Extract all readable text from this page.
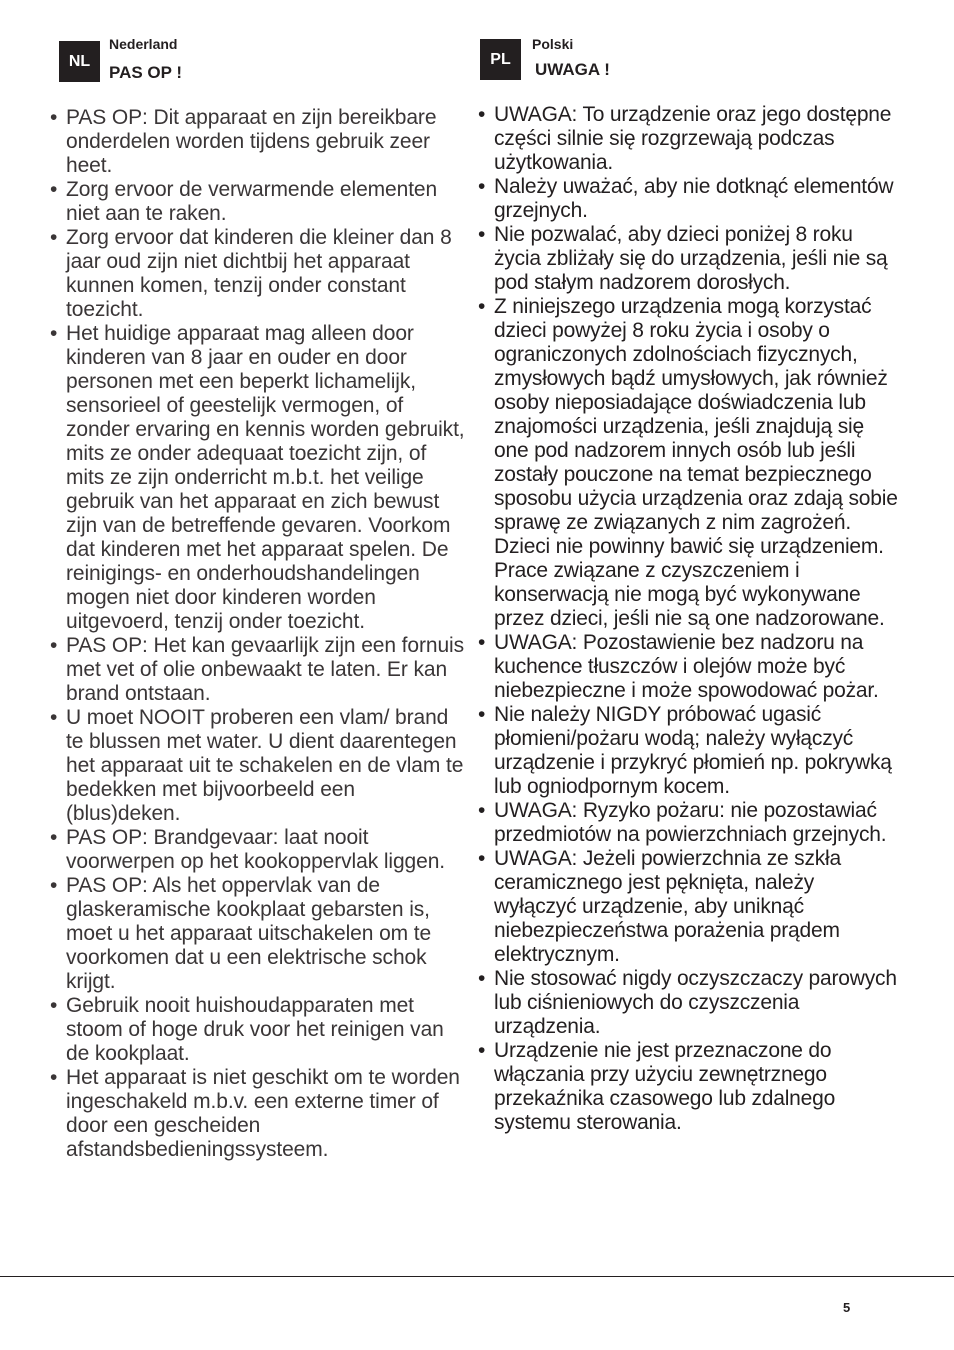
NL
Nederland
PAS OP !
• PAS OP: Dit apparaat en zijn bereikbare onderdelen worden tijdens gebruik zeer heet.
• Zorg ervoor de verwarmende elementen niet aan te raken.
• Zorg ervoor dat kinderen die kleiner dan 8 jaar oud zijn niet dichtbij het apparaat kunnen komen, tenzij onder constant toezicht.
• Het huidige apparaat mag alleen door kinderen van 8 jaar en ouder en door personen met een beperkt lichamelijk, sensorieel of geestelijk vermogen, of zonder ervaring en kennis worden gebruikt, mits ze onder adequaat toezicht zijn, of mits ze zijn onderricht m.b.t. het veilige gebruik van het apparaat en zich bewust zijn van de betreffende gevaren. Voorkom dat kinderen met het apparaat spelen. De reinigings- en onderhoudshandelingen mogen niet door kinderen worden uitgevoerd, tenzij onder toezicht.
• PAS OP: Het kan gevaarlijk zijn een fornuis met vet of olie onbewaakt te laten. Er kan brand ontstaan.
• U moet NOOIT proberen een vlam/ brand te blussen met water. U dient daarentegen het apparaat uit te schakelen en de vlam te bedekken met bijvoorbeeld een (blus)deken.
• PAS OP: Brandgevaar: laat nooit voorwerpen op het kookoppervlak liggen.
• PAS OP: Als het oppervlak van de glaskeramische kookplaat gebarsten is, moet u het apparaat uitschakelen om te voorkomen dat u een elektrische schok krijgt.
• Gebruik nooit huishoudapparaten met stoom of hoge druk voor het reinigen van de kookplaat.
• Het apparaat is niet geschikt om te worden ingeschakeld m.b.v. een externe timer of door een gescheiden afstandsbedieningssysteem.
PL
Polski
UWAGA !
• UWAGA: To urządzenie oraz jego dostępne części silnie się rozgrzewają podczas użytkowania.
• Należy uważać, aby nie dotknąć elementów grzejnych.
• Nie pozwalać, aby dzieci poniżej 8 roku życia zbliżały się do urządzenia, jeśli nie są pod stałym nadzorem dorosłych.
• Z niniejszego urządzenia mogą korzystać dzieci powyżej 8 roku życia i osoby o ograniczonych zdolnościach fizycznych, zmysłowych bądź umysłowych, jak również osoby nieposiadające doświadczenia lub znajomości urządzenia, jeśli znajdują się one pod nadzorem innych osób lub jeśli zostały pouczone na temat bezpiecznego sposobu użycia urządzenia oraz zdają sobie sprawę ze związanych z nim zagrożeń. Dzieci nie powinny bawić się urządzeniem. Prace związane z czyszczeniem i konserwacją nie mogą być wykonywane przez dzieci, jeśli nie są one nadzorowane.
• UWAGA: Pozostawienie bez nadzoru na kuchence tłuszczów i olejów może być niebezpieczne i może spowodować pożar.
• Nie należy NIGDY próbować ugasić płomieni/pożaru wodą; należy wyłączyć urządzenie i przykryć płomień np. pokrywką lub ogniodpornym kocem.
• UWAGA: Ryzyko pożaru: nie pozostawiać przedmiotów na powierzchniach grzejnych.
• UWAGA: Jeżeli powierzchnia ze szkła ceramicznego jest pęknięta, należy wyłączyć urządzenie, aby uniknąć niebezpieczeństwa porażenia prądem elektrycznym.
• Nie stosować nigdy oczyszczaczy parowych lub ciśnieniowych do czyszczenia urządzenia.
• Urządzenie nie jest przeznaczone do włączania przy użyciu zewnętrznego przekaźnika czasowego lub zdalnego systemu sterowania.
5
